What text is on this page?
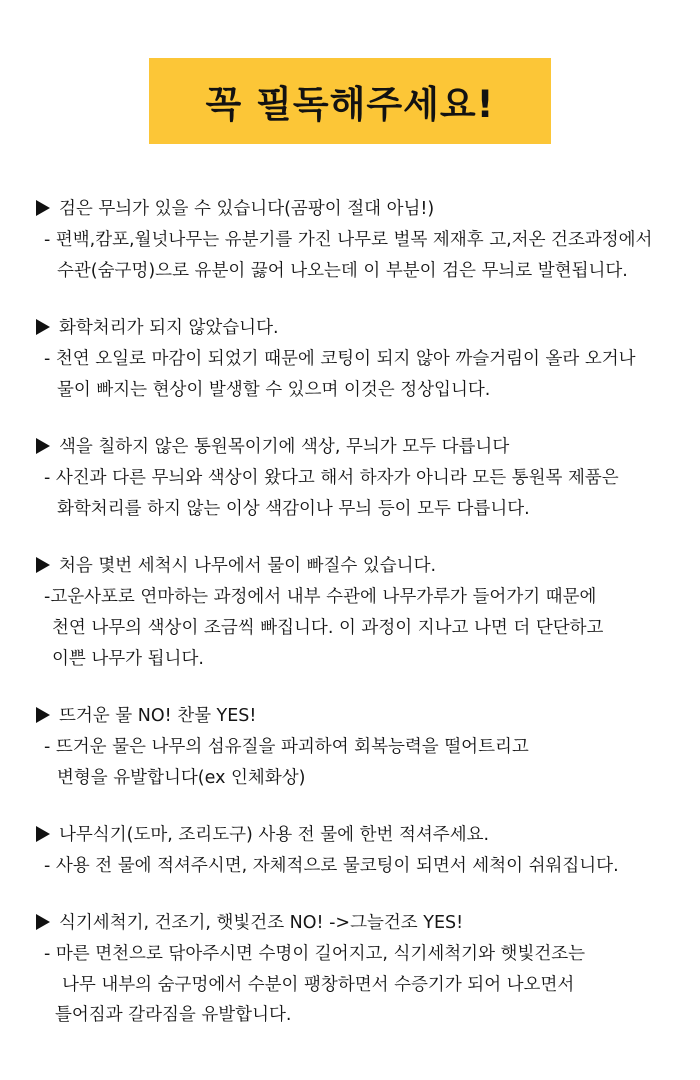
꼭 필독해주세요!
검은 무늬가 있을 수 있습니다(곰팡이 절대 아님!)
- 편백,캄포,월넛나무는 유분기를 가진 나무로 벌목 제재후 고,저온 건조과정에서
수관(숨구멍)으로 유분이 끓어 나오는데 이 부분이 검은 무늬로 발현됩니다.
화학처리가 되지 않았습니다.
- 천연 오일로 마감이 되었기 때문에 코팅이 되지 않아 까슬거림이 올라 오거나
물이 빠지는 현상이 발생할 수 있으며 이것은 정상입니다.
색을 칠하지 않은 통원목이기에 색상, 무늬가 모두 다릅니다
- 사진과 다른 무늬와 색상이 왔다고 해서 하자가 아니라 모든 통원목 제품은
화학처리를 하지 않는 이상 색감이나 무늬 등이 모두 다릅니다.
처음 몇번 세척시 나무에서 물이 빠질수 있습니다.
-고운사포로 연마하는 과정에서 내부 수관에 나무가루가 들어가기 때문에
천연 나무의 색상이 조금씩 빠집니다. 이 과정이 지나고 나면 더 단단하고
이쁜 나무가 됩니다.
뜨거운 물 NO! 찬물 YES!
- 뜨거운 물은 나무의 섬유질을 파괴하여 회복능력을 떨어트리고
변형을 유발합니다(ex 인체화상)
나무식기(도마, 조리도구) 사용 전 물에 한번 적셔주세요.
- 사용 전 물에 적셔주시면, 자체적으로 물코팅이 되면서 세척이 쉬워집니다.
식기세척기, 건조기, 햇빛건조 NO! ->그늘건조 YES!
- 마른 면천으로 닦아주시면 수명이 길어지고, 식기세척기와 햇빛건조는
나무 내부의 숨구멍에서 수분이 팽창하면서 수증기가 되어 나오면서
틀어짐과 갈라짐을 유발합니다.
